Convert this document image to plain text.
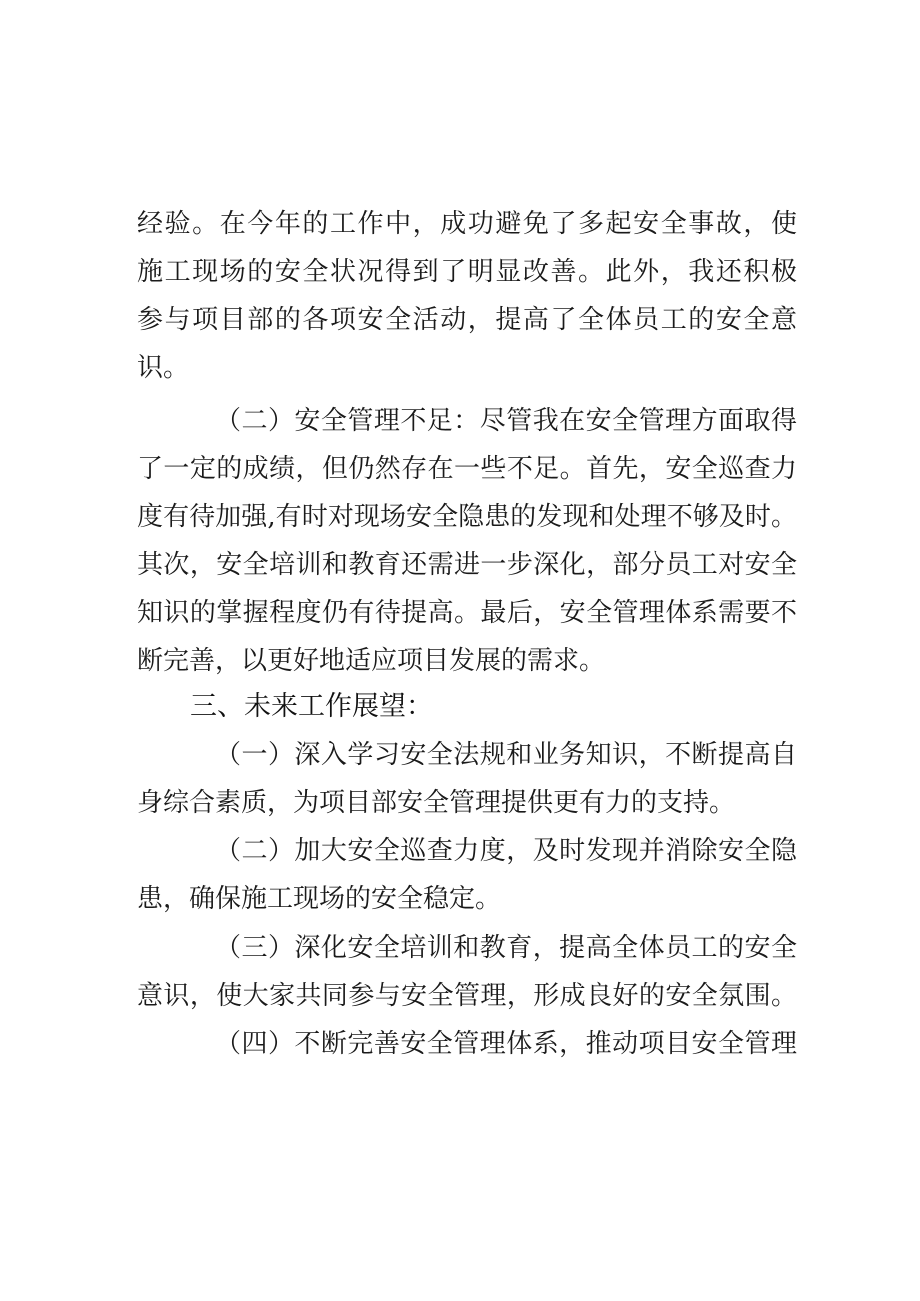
经验。在今年的工作中，成功避免了多起安全事故，使
施工现场的安全状况得到了明显改善。此外，我还积极
参与项目部的各项安全活动，提高了全体员工的安全意
识。
（二）安全管理不足：尽管我在安全管理方面取得
了一定的成绩，但仍然存在一些不足。首先，安全巡查力
度有待加强,有时对现场安全隐患的发现和处理不够及时。
其次，安全培训和教育还需进一步深化，部分员工对安全
知识的掌握程度仍有待提高。最后，安全管理体系需要不
断完善，以更好地适应项目发展的需求。
三、未来工作展望：
（一）深入学习安全法规和业务知识，不断提高自
身综合素质，为项目部安全管理提供更有力的支持。
（二）加大安全巡查力度，及时发现并消除安全隐
患，确保施工现场的安全稳定。
（三）深化安全培训和教育，提高全体员工的安全
意识，使大家共同参与安全管理，形成良好的安全氛围。
（四）不断完善安全管理体系，推动项目安全管理
